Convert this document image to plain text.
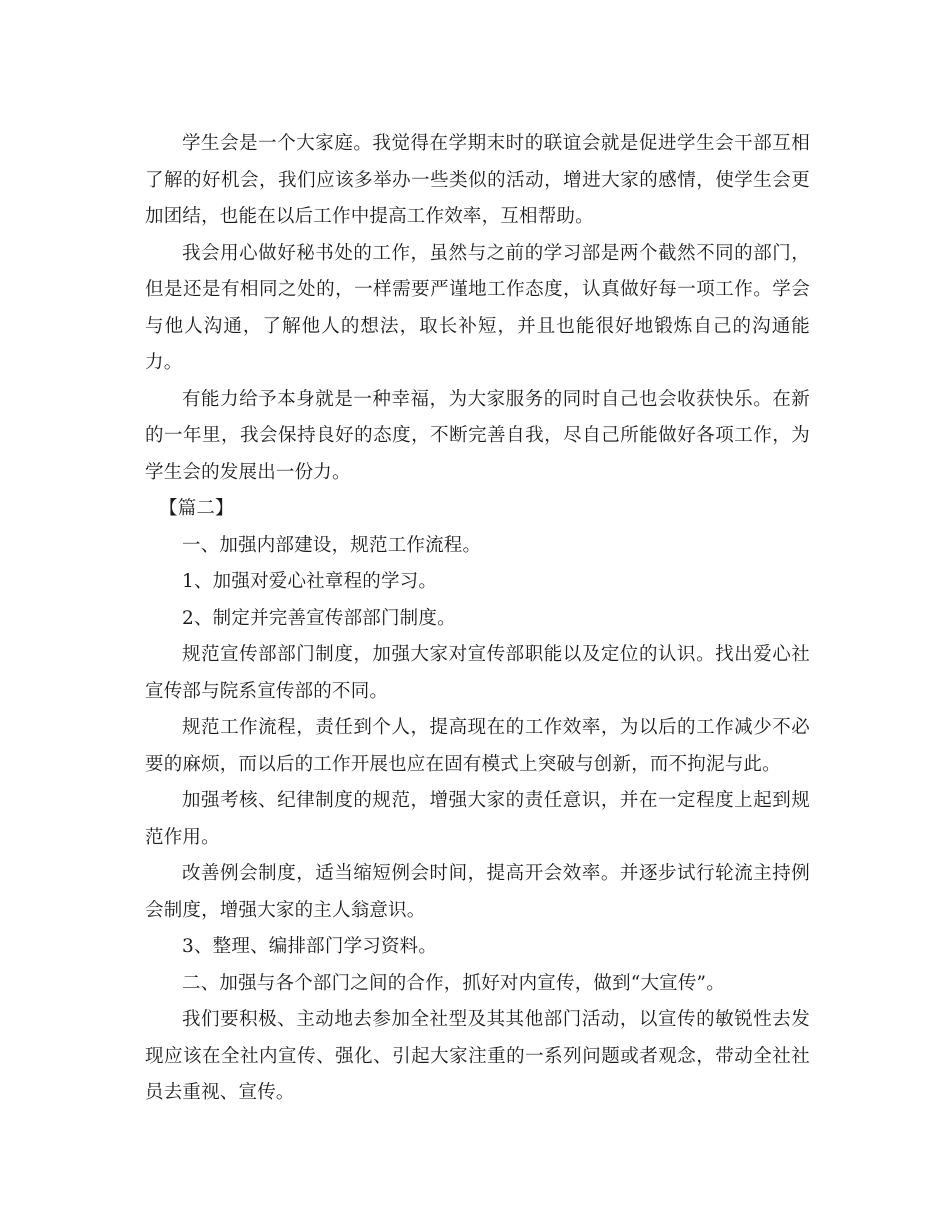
学生会是一个大家庭。我觉得在学期末时的联谊会就是促进学生会干部互相了解的好机会，我们应该多举办一些类似的活动，增进大家的感情，使学生会更加团结，也能在以后工作中提高工作效率，互相帮助。

我会用心做好秘书处的工作，虽然与之前的学习部是两个截然不同的部门，但是还是有相同之处的，一样需要严谨地工作态度，认真做好每一项工作。学会与他人沟通，了解他人的想法，取长补短，并且也能很好地锻炼自己的沟通能力。

有能力给予本身就是一种幸福，为大家服务的同时自己也会收获快乐。在新的一年里，我会保持良好的态度，不断完善自我，尽自己所能做好各项工作，为学生会的发展出一份力。

【篇二】

一、加强内部建设，规范工作流程。

1、加强对爱心社章程的学习。

2、制定并完善宣传部部门制度。

规范宣传部部门制度，加强大家对宣传部职能以及定位的认识。找出爱心社宣传部与院系宣传部的不同。

规范工作流程，责任到个人，提高现在的工作效率，为以后的工作减少不必要的麻烦，而以后的工作开展也应在固有模式上突破与创新，而不拘泥与此。

加强考核、纪律制度的规范，增强大家的责任意识，并在一定程度上起到规范作用。

改善例会制度，适当缩短例会时间，提高开会效率。并逐步试行轮流主持例会制度，增强大家的主人翁意识。

3、整理、编排部门学习资料。

二、加强与各个部门之间的合作，抓好对内宣传，做到“大宣传”。

我们要积极、主动地去参加全社型及其其他部门活动，以宣传的敏锐性去发现应该在全社内宣传、强化、引起大家注重的一系列问题或者观念，带动全社社员去重视、宣传。
